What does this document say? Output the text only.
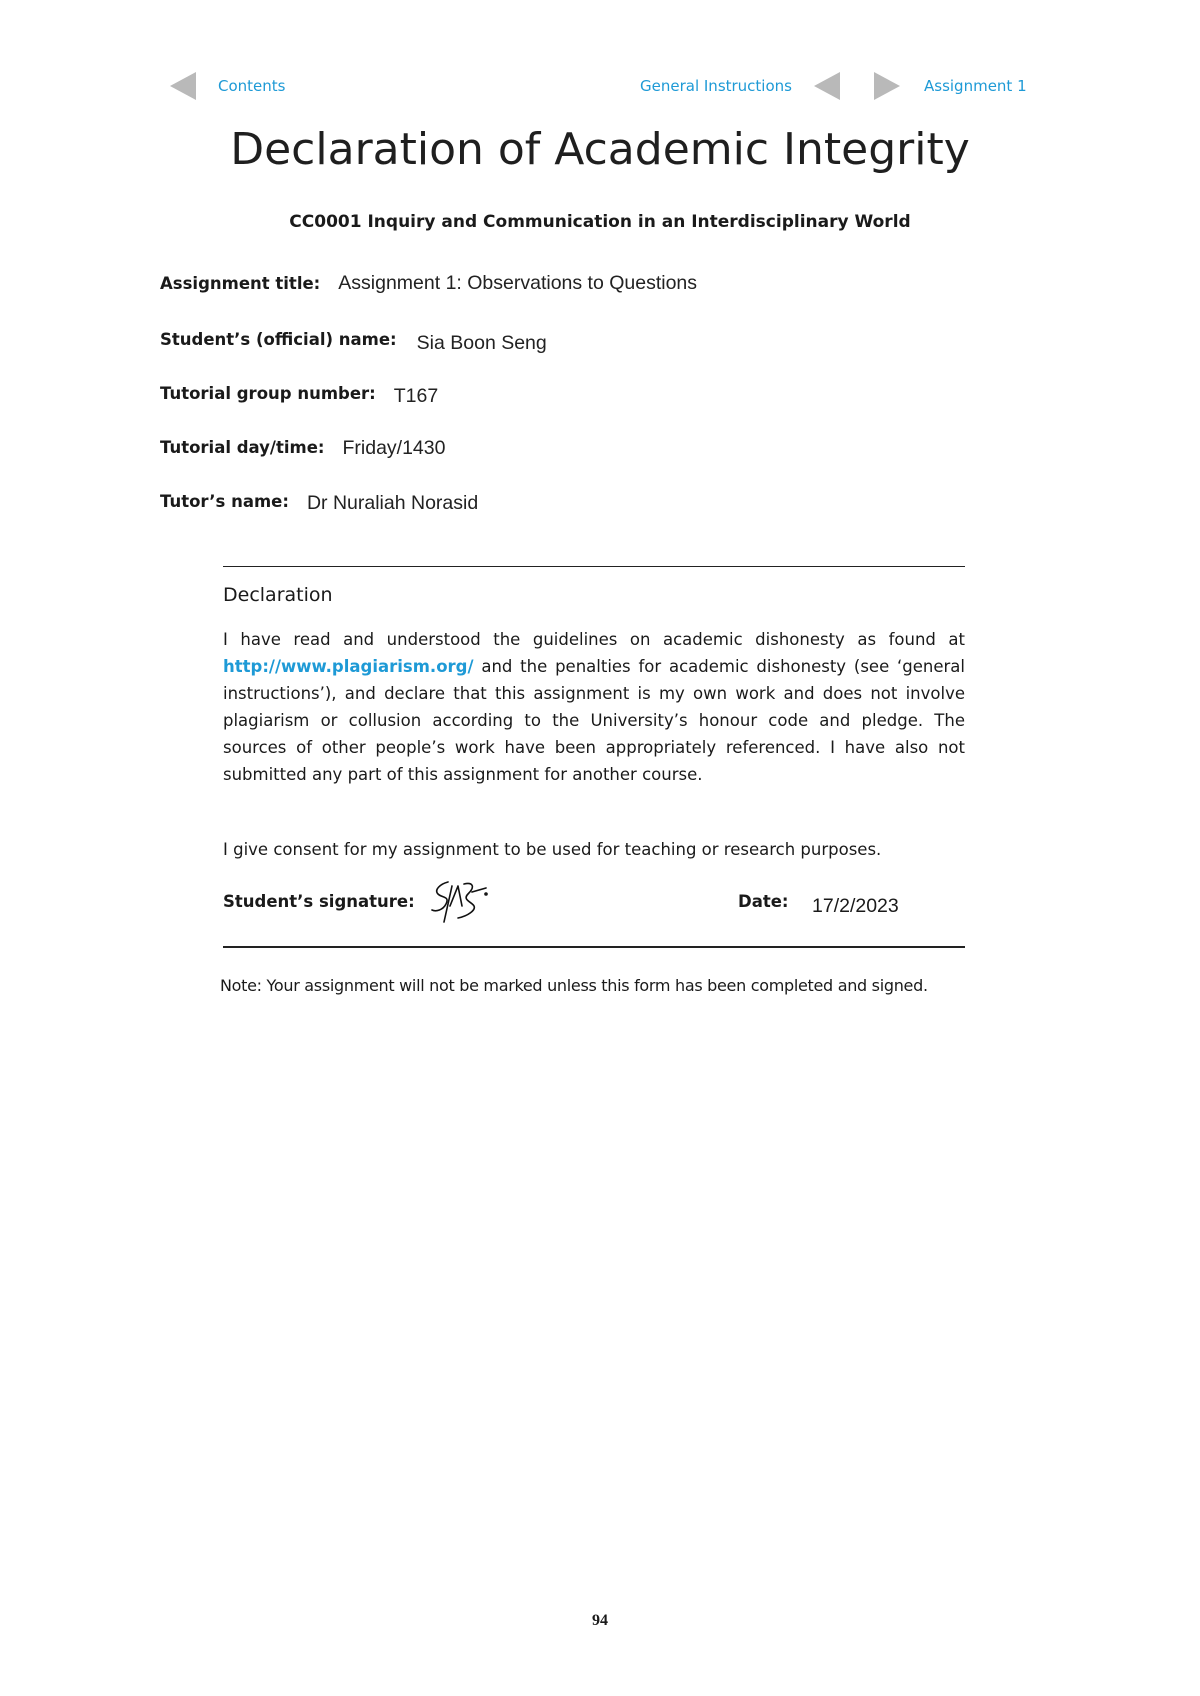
Contents	General Instructions	Assignment 1
Declaration of Academic Integrity
CC0001 Inquiry and Communication in an Interdisciplinary World
Assignment title: Assignment 1: Observations to Questions
Student’s (official) name: Sia Boon Seng
Tutorial group number: T167
Tutorial day/time: Friday/1430
Tutor’s name: Dr Nuraliah Norasid
Declaration

I have read and understood the guidelines on academic dishonesty as found at http://www.plagiarism.org/ and the penalties for academic dishonesty (see ‘general instructions’), and declare that this assignment is my own work and does not involve plagiarism or collusion according to the University’s honour code and pledge. The sources of other people’s work have been appropriately referenced. I have also not submitted any part of this assignment for another course.

I give consent for my assignment to be used for teaching or research purposes.
Student’s signature:	Date: 17/2/2023
Note: Your assignment will not be marked unless this form has been completed and signed.
94
